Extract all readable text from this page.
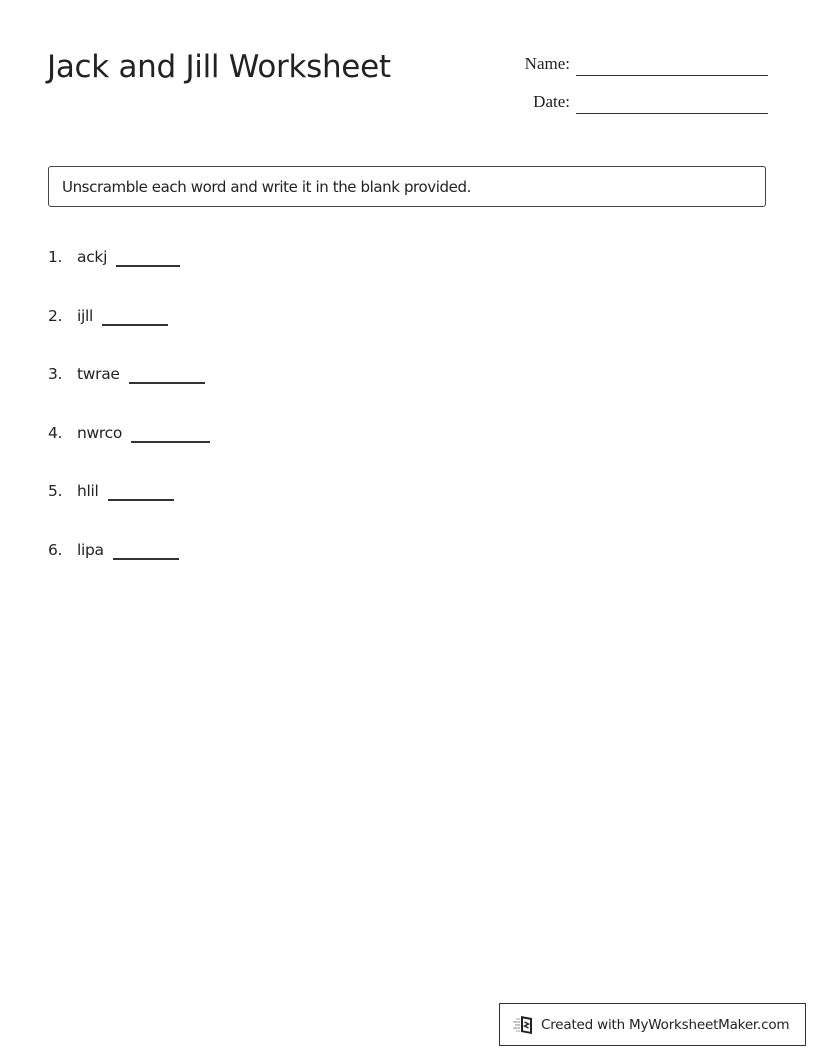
Jack and Jill Worksheet	Name:
Date:
Unscramble each word and write it in the blank provided.
1. ackj
2. ijll
3. twrae
4. nwrco
5. hlil
6. lipa
Created with MyWorksheetMaker.com
